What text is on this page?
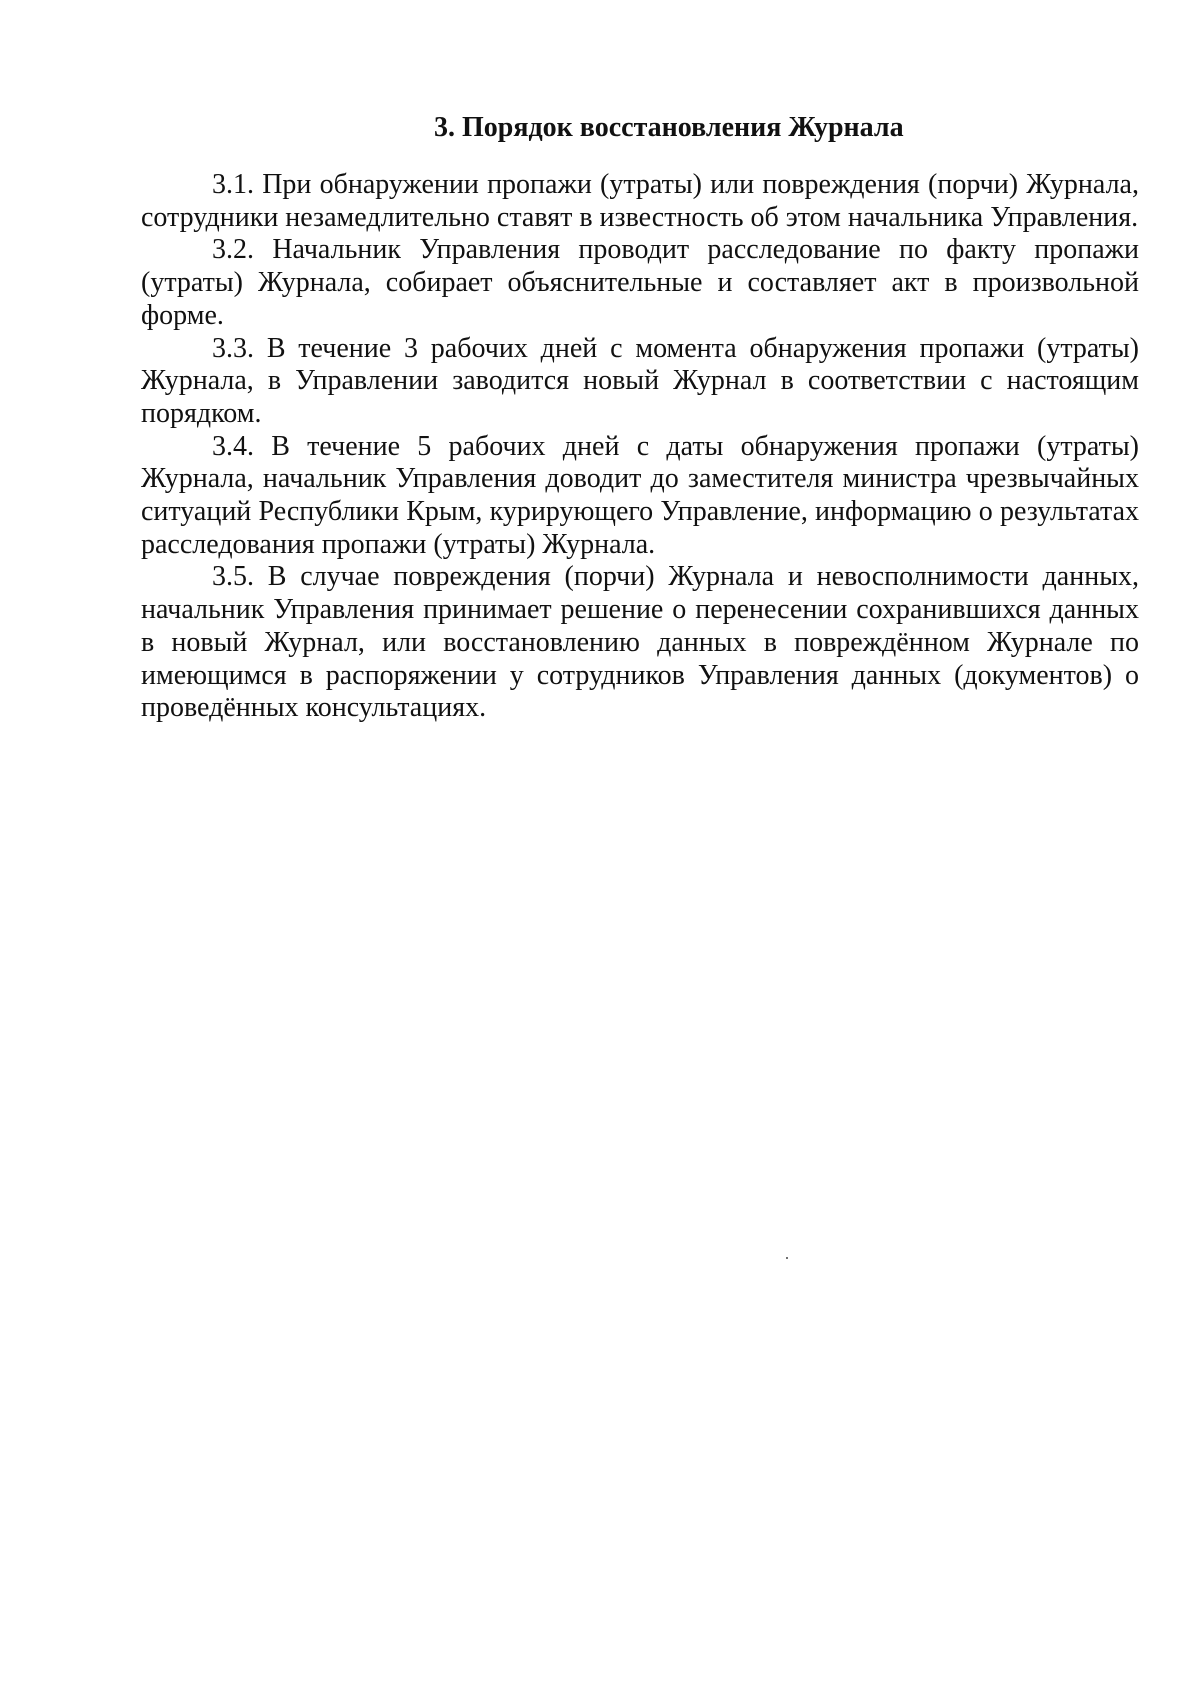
3. Порядок восстановления Журнала

3.1. При обнаружении пропажи (утраты) или повреждения (порчи) Журнала, сотрудники незамедлительно ставят в известность об этом начальника Управления.

3.2. Начальник Управления проводит расследование по факту пропажи (утраты) Журнала, собирает объяснительные и составляет акт в произвольной форме.

3.3. В течение 3 рабочих дней с момента обнаружения пропажи (утраты) Журнала, в Управлении заводится новый Журнал в соответствии с настоящим порядком.

3.4. В течение 5 рабочих дней с даты обнаружения пропажи (утраты) Журнала, начальник Управления доводит до заместителя министра чрезвычайных ситуаций Республики Крым, курирующего Управление, информацию о результатах расследования пропажи (утраты) Журнала.

3.5. В случае повреждения (порчи) Журнала и невосполнимости данных, начальник Управления принимает решение о перенесении сохранившихся данных в новый Журнал, или восстановлению данных в повреждённом Журнале по имеющимся в распоряжении у сотрудников Управления данных (документов) о проведённых консультациях.
